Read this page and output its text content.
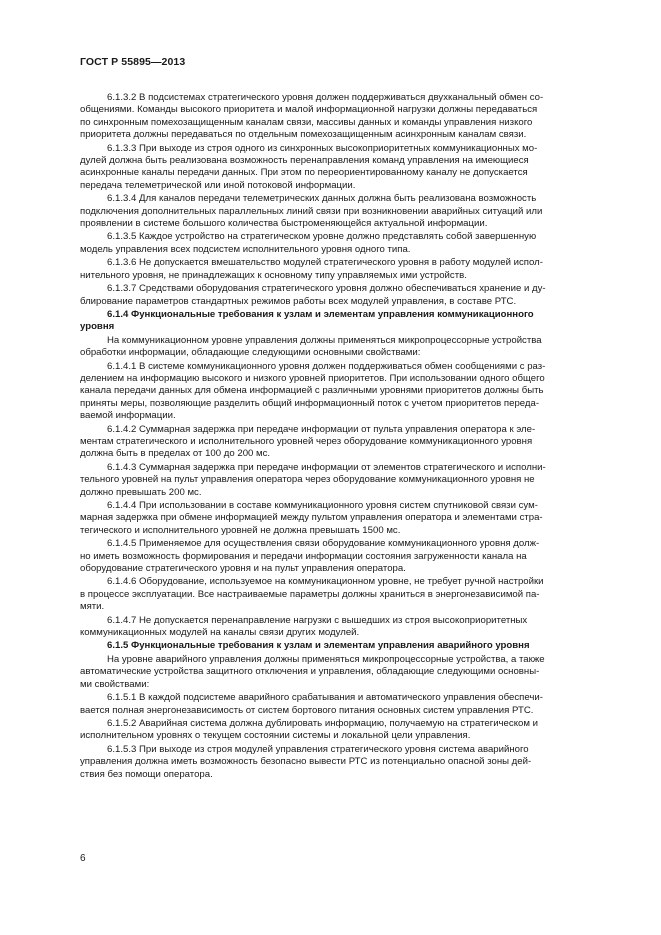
ГОСТ Р 55895—2013

6.1.3.2 В подсистемах стратегического уровня должен поддерживаться двухканальный обмен со-
общениями. Команды высокого приоритета и малой информационной нагрузки должны передаваться
по синхронным помехозащищенным каналам связи, массивы данных и команды управления низкого
приоритета должны передаваться по отдельным помехозащищенным асинхронным каналам связи.

6.1.3.3 При выходе из строя одного из синхронных высокоприоритетных коммуникационных мо-
дулей должна быть реализована возможность перенаправления команд управления на имеющиеся
асинхронные каналы передачи данных. При этом по переориентированному каналу не допускается
передача телеметрической или иной потоковой информации.

6.1.3.4 Для каналов передачи телеметрических данных должна быть реализована возможность
подключения дополнительных параллельных линий связи при возникновении аварийных ситуаций или
проявлении в системе большого количества быстроменяющейся актуальной информации.

6.1.3.5 Каждое устройство на стратегическом уровне должно представлять собой завершенную
модель управления всех подсистем исполнительного уровня одного типа.

6.1.3.6 Не допускается вмешательство модулей стратегического уровня в работу модулей испол-
нительного уровня, не принадлежащих к основному типу управляемых ими устройств.

6.1.3.7 Средствами оборудования стратегического уровня должно обеспечиваться хранение и ду-
блирование параметров стандартных режимов работы всех модулей управления, в составе РТС.

6.1.4 Функциональные требования к узлам и элементам управления коммуникационного
уровня

На коммуникационном уровне управления должны применяться микропроцессорные устройства
обработки информации, обладающие следующими основными свойствами:

6.1.4.1 В системе коммуникационного уровня должен поддерживаться обмен сообщениями с раз-
делением на информацию высокого и низкого уровней приоритетов. При использовании одного общего
канала передачи данных для обмена информацией с различными уровнями приоритетов должны быть
приняты меры, позволяющие разделить общий информационный поток с учетом приоритетов переда-
ваемой информации.

6.1.4.2 Суммарная задержка при передаче информации от пульта управления оператора к эле-
ментам стратегического и исполнительного уровней через оборудование коммуникационного уровня
должна быть в пределах от 100 до 200 мс.

6.1.4.3 Суммарная задержка при передаче информации от элементов стратегического и исполни-
тельного уровней на пульт управления оператора через оборудование коммуникационного уровня не
должно превышать 200 мс.

6.1.4.4 При использовании в составе коммуникационного уровня систем спутниковой связи сум-
марная задержка при обмене информацией между пультом управления оператора и элементами стра-
тегического и исполнительного уровней не должна превышать 1500 мс.

6.1.4.5 Применяемое для осуществления связи оборудование коммуникационного уровня долж-
но иметь возможность формирования и передачи информации состояния загруженности канала на
оборудование стратегического уровня и на пульт управления оператора.

6.1.4.6 Оборудование, используемое на коммуникационном уровне, не требует ручной настройки
в процессе эксплуатации. Все настраиваемые параметры должны храниться в энергонезависимой па-
мяти.

6.1.4.7 Не допускается перенаправление нагрузки с вышедших из строя высокоприоритетных
коммуникационных модулей на каналы связи других модулей.

6.1.5 Функциональные требования к узлам и элементам управления аварийного уровня

На уровне аварийного управления должны применяться микропроцессорные устройства, а также
автоматические устройства защитного отключения и управления, обладающие следующими основны-
ми свойствами:

6.1.5.1 В каждой подсистеме аварийного срабатывания и автоматического управления обеспечи-
вается полная энергонезависимость от систем бортового питания основных систем управления РТС.

6.1.5.2 Аварийная система должна дублировать информацию, получаемую на стратегическом и
исполнительном уровнях о текущем состоянии системы и локальной цели управления.

6.1.5.3 При выходе из строя модулей управления стратегического уровня система аварийного
управления должна иметь возможность безопасно вывести РТС из потенциально опасной зоны дей-
ствия без помощи оператора.

6
